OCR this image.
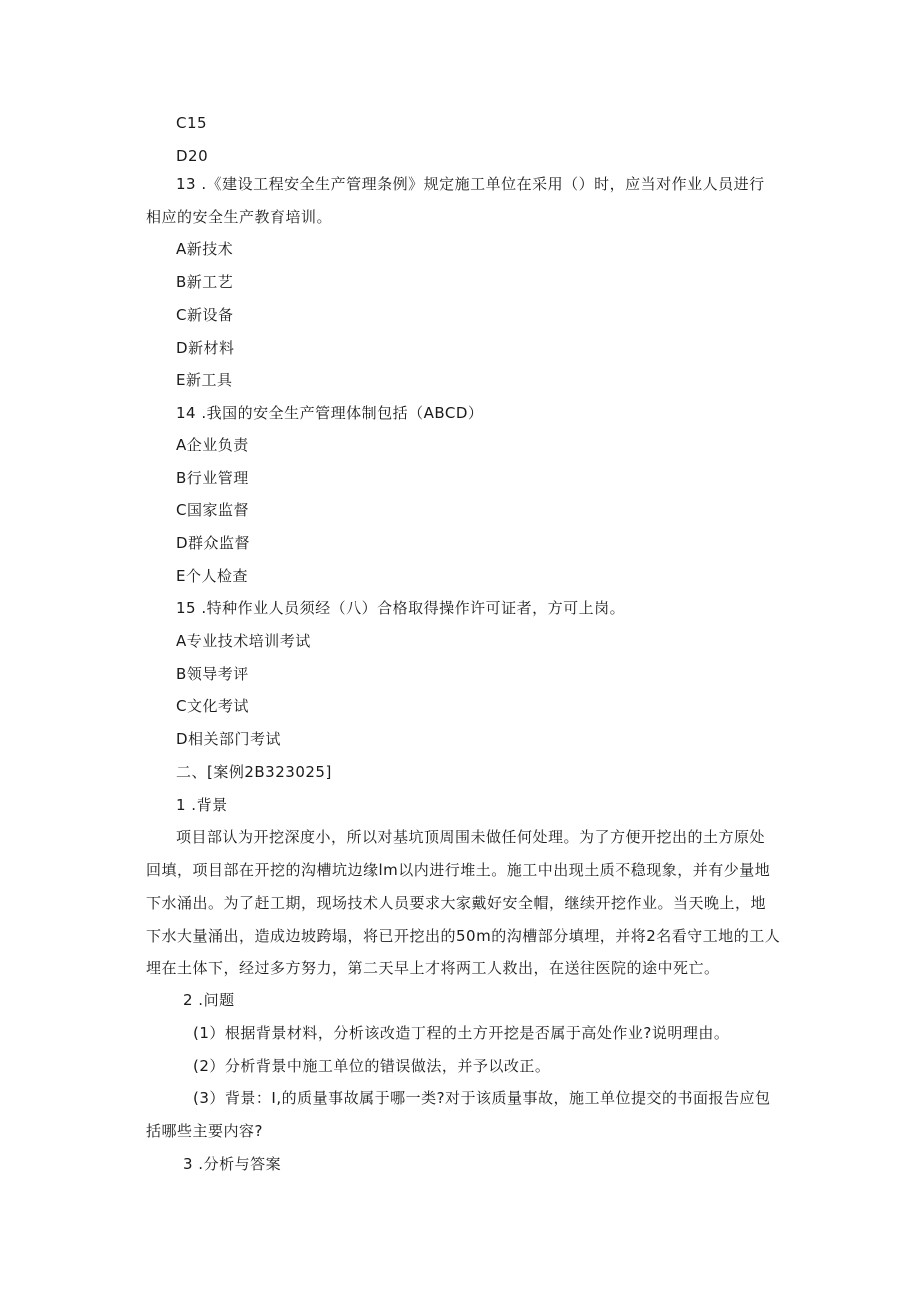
C15
D20
13 .《建设工程安全生产管理条例》规定施工单位在采用（）时，应当对作业人员进行
相应的安全生产教育培训。
A新技术
B新工艺
C新设备
D新材料
E新工具
14 .我国的安全生产管理体制包括（ABCD）
A企业负责
B行业管理
C国家监督
D群众监督
E个人检查
15 .特种作业人员须经（八）合格取得操作许可证者，方可上岗。
A专业技术培训考试
B领导考评
C文化考试
D相关部门考试
二、[案例2B323025]
1 .背景
项目部认为开挖深度小，所以对基坑顶周围未做任何处理。为了方便开挖出的土方原处
回填，项目部在开挖的沟槽坑边缘lm以内进行堆土。施工中出现土质不稳现象，并有少量地
下水涌出。为了赶工期，现场技术人员要求大家戴好安全帽，继续开挖作业。当天晚上，地
下水大量涌出，造成边坡跨塌，将已开挖出的50m的沟槽部分填埋，并将2名看守工地的工人
埋在土体下，经过多方努力，第二天早上才将两工人救出，在送往医院的途中死亡。
2 .问题
(1）根据背景材料，分析该改造丁程的土方开挖是否属于高处作业?说明理由。
(2）分析背景中施工单位的错误做法，并予以改正。
(3）背景：I,的质量事故属于哪一类?对于该质量事故，施工单位提交的书面报告应包
括哪些主要内容?
3 .分析与答案
